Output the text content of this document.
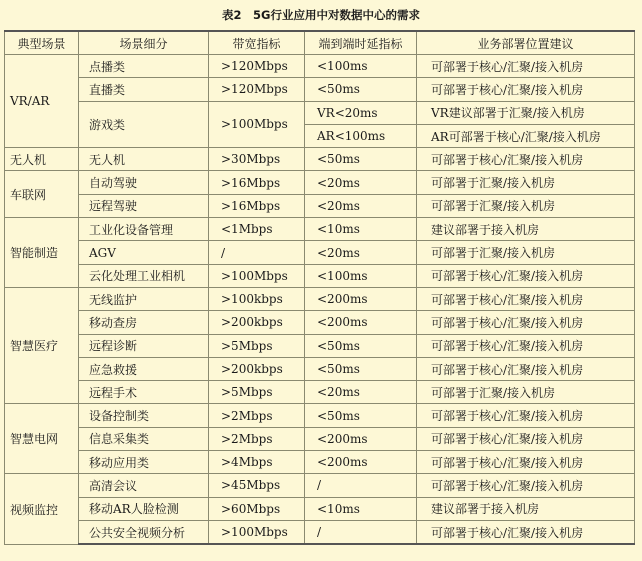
表2　5G行业应用中对数据中心的需求
典型场景	场景细分	带宽指标	端到端时延指标	业务部署位置建议
VR/AR	点播类	>120Mbps	<100ms	可部署于核心/汇聚/接入机房
	直播类	>120Mbps	<50ms	可部署于核心/汇聚/接入机房
	游戏类	>100Mbps	VR<20ms	VR建议部署于汇聚/接入机房
			AR<100ms	AR可部署于核心/汇聚/接入机房
无人机	无人机	>30Mbps	<50ms	可部署于核心/汇聚/接入机房
车联网	自动驾驶	>16Mbps	<20ms	可部署于汇聚/接入机房
	远程驾驶	>16Mbps	<20ms	可部署于汇聚/接入机房
智能制造	工业化设备管理	<1Mbps	<10ms	建议部署于接入机房
	AGV	/	<20ms	可部署于汇聚/接入机房
	云化处理工业相机	>100Mbps	<100ms	可部署于核心/汇聚/接入机房
智慧医疗	无线监护	>100kbps	<200ms	可部署于核心/汇聚/接入机房
	移动查房	>200kbps	<200ms	可部署于核心/汇聚/接入机房
	远程诊断	>5Mbps	<50ms	可部署于核心/汇聚/接入机房
	应急救援	>200kbps	<50ms	可部署于核心/汇聚/接入机房
	远程手术	>5Mbps	<20ms	可部署于汇聚/接入机房
智慧电网	设备控制类	>2Mbps	<50ms	可部署于核心/汇聚/接入机房
	信息采集类	>2Mbps	<200ms	可部署于核心/汇聚/接入机房
	移动应用类	>4Mbps	<200ms	可部署于核心/汇聚/接入机房
视频监控	高清会议	>45Mbps	/	可部署于核心/汇聚/接入机房
	移动AR人脸检测	>60Mbps	<10ms	建议部署于接入机房
	公共安全视频分析	>100Mbps	/	可部署于核心/汇聚/接入机房
